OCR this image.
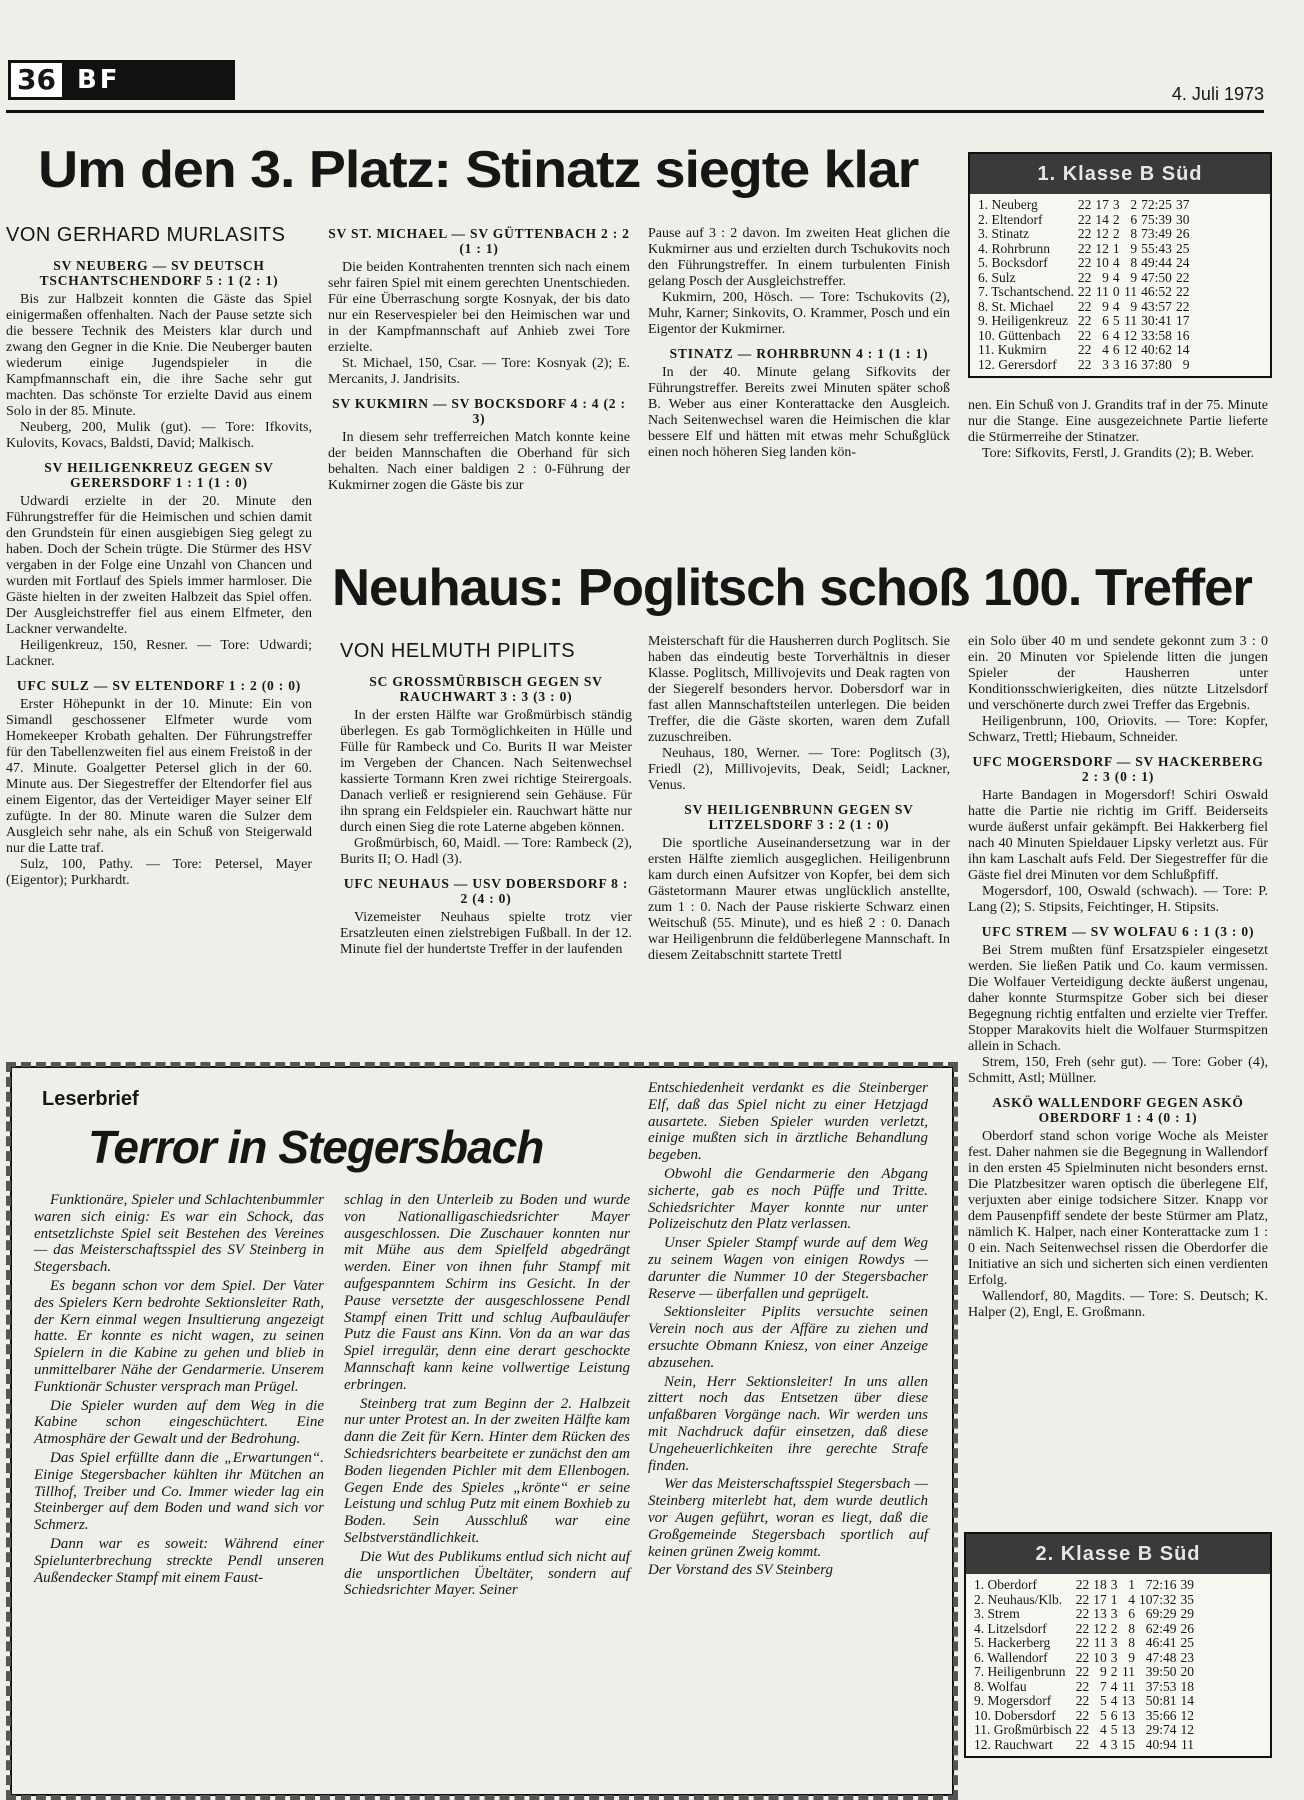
36 BF	4. Juli 1973
Um den 3. Platz: Stinatz siegte klar
VON GERHARD MURLASITS
SV NEUBERG — SV DEUTSCH TSCHANTSCHENDORF 5 : 1 (2 : 1)

Bis zur Halbzeit konnten die Gäste das Spiel einigermaßen offenhalten. Nach der Pause setzte sich die bessere Technik des Meisters klar durch und zwang den Gegner in die Knie. Die Neuberger bauten wiederum einige Jugendspieler in die Kampfmannschaft ein, die ihre Sache sehr gut machten. Das schönste Tor erzielte David aus einem Solo in der 85. Minute.

Neuberg, 200, Mulik (gut). — Tore: Ifkovits, Kulovits, Kovacs, Baldsti, David; Malkisch.

SV HEILIGENKREUZ GEGEN SV GERERSDORF 1 : 1 (1 : 0)

Udwardi erzielte in der 20. Minute den Führungstreffer für die Heimischen und schien damit den Grundstein für einen ausgiebigen Sieg gelegt zu haben. Doch der Schein trügte. Die Stürmer des HSV vergaben in der Folge eine Unzahl von Chancen und wurden mit Fortlauf des Spiels immer harmloser. Die Gäste hielten in der zweiten Halbzeit das Spiel offen. Der Ausgleichstreffer fiel aus einem Elfmeter, den Lackner verwandelte.

Heiligenkreuz, 150, Resner. — Tore: Udwardi; Lackner.

UFC SULZ — SV ELTENDORF 1 : 2 (0 : 0)

Erster Höhepunkt in der 10. Minute: Ein von Simandl geschossener Elfmeter wurde vom Homekeeper Krobath gehalten. Der Führungstreffer für den Tabellenzweiten fiel aus einem Freistoß in der 47. Minute. Goalgetter Petersel glich in der 60. Minute aus. Der Siegestreffer der Eltendorfer fiel aus einem Eigentor, das der Verteidiger Mayer seiner Elf zufügte. In der 80. Minute waren die Sulzer dem Ausgleich sehr nahe, als ein Schuß von Steigerwald nur die Latte traf.

Sulz, 100, Pathy. — Tore: Petersel, Mayer (Eigentor); Purkhardt.

SV ST. MICHAEL — SV GÜTTENBACH 2 : 2 (1 : 1)

Die beiden Kontrahenten trennten sich nach einem sehr fairen Spiel mit einem gerechten Unentschieden. Für eine Überraschung sorgte Kosnyak, der bis dato nur ein Reservespieler bei den Heimischen war und in der Kampfmannschaft auf Anhieb zwei Tore erzielte.

St. Michael, 150, Csar. — Tore: Kosnyak (2); E. Mercanits, J. Jandrisits.

SV KUKMIRN — SV BOCKSDORF 4 : 4 (2 : 3)

In diesem sehr trefferreichen Match konnte keine der beiden Mannschaften die Oberhand für sich behalten. Nach einer baldigen 2 : 0-Führung der Kukmirner zogen die Gäste bis zur

Pause auf 3 : 2 davon. Im zweiten Heat glichen die Kukmirner aus und erzielten durch Tschukovits noch den Führungstreffer. In einem turbulenten Finish gelang Posch der Ausgleichstreffer.

Kukmirn, 200, Hösch. — Tore: Tschukovits (2), Muhr, Karner; Sinkovits, O. Krammer, Posch und ein Eigentor der Kukmirner.

STINATZ — ROHRBRUNN 4 : 1 (1 : 1)

In der 40. Minute gelang Sifkovits der Führungstreffer. Bereits zwei Minuten später schoß B. Weber aus einer Konterattacke den Ausgleich. Nach Seitenwechsel waren die Heimischen die klar bessere Elf und hätten mit etwas mehr Schußglück einen noch höheren Sieg landen kön-

nen. Ein Schuß von J. Grandits traf in der 75. Minute nur die Stange. Eine ausgezeichnete Partie lieferte die Stürmerreihe der Stinatzer.

Tore: Sifkovits, Ferstl, J. Grandits (2); B. Weber.

1. Klasse B Süd
1. Neuberg	22	17	3	2	72:25	37
2. Eltendorf	22	14	2	6	75:39	30
3. Stinatz	22	12	2	8	73:49	26
4. Rohrbrunn	22	12	1	9	55:43	25
5. Bocksdorf	22	10	4	8	49:44	24
6. Sulz	22	9	4	9	47:50	22
7. Tschantschend.	22	11	0	11	46:52	22
8. St. Michael	22	9	4	9	43:57	22
9. Heiligenkreuz	22	6	5	11	30:41	17
10. Güttenbach	22	6	4	12	33:58	16
11. Kukmirn	22	4	6	12	40:62	14
12. Gerersdorf	22	3	3	16	37:80	9
Neuhaus: Poglitsch schoß 100. Treffer
VON HELMUTH PIPLITS
SC GROSSMÜRBISCH GEGEN SV RAUCHWART 3 : 3 (3 : 0)

In der ersten Hälfte war Großmürbisch ständig überlegen. Es gab Tormöglichkeiten in Hülle und Fülle für Rambeck und Co. Burits II war Meister im Vergeben der Chancen. Nach Seitenwechsel kassierte Tormann Kren zwei richtige Steirergoals. Danach verließ er resignierend sein Gehäuse. Für ihn sprang ein Feldspieler ein. Rauchwart hätte nur durch einen Sieg die rote Laterne abgeben können.

Großmürbisch, 60, Maidl. — Tore: Rambeck (2), Burits II; O. Hadl (3).

UFC NEUHAUS — USV DOBERSDORF 8 : 2 (4 : 0)

Vizemeister Neuhaus spielte trotz vier Ersatzleuten einen zielstrebigen Fußball. In der 12. Minute fiel der hundertste Treffer in der laufenden

Meisterschaft für die Hausherren durch Poglitsch. Sie haben das eindeutig beste Torverhältnis in dieser Klasse. Poglitsch, Millivojevits und Deak ragten von der Siegerelf besonders hervor. Dobersdorf war in fast allen Mannschaftsteilen unterlegen. Die beiden Treffer, die die Gäste skorten, waren dem Zufall zuzuschreiben.

Neuhaus, 180, Werner. — Tore: Poglitsch (3), Friedl (2), Millivojevits, Deak, Seidl; Lackner, Venus.

SV HEILIGENBRUNN GEGEN SV LITZELSDORF 3 : 2 (1 : 0)

Die sportliche Auseinandersetzung war in der ersten Hälfte ziemlich ausgeglichen. Heiligenbrunn kam durch einen Aufsitzer von Kopfer, bei dem sich Gästetormann Maurer etwas unglücklich anstellte, zum 1 : 0. Nach der Pause riskierte Schwarz einen Weitschuß (55. Minute), und es hieß 2 : 0. Danach war Heiligenbrunn die feldüberlegene Mannschaft. In diesem Zeitabschnitt startete Trettl

ein Solo über 40 m und sendete gekonnt zum 3 : 0 ein. 20 Minuten vor Spielende litten die jungen Spieler der Hausherren unter Konditionsschwierigkeiten, dies nützte Litzelsdorf und verschönerte durch zwei Treffer das Ergebnis.

Heiligenbrunn, 100, Oriovits. — Tore: Kopfer, Schwarz, Trettl; Hiebaum, Schneider.

UFC MOGERSDORF — SV HACKERBERG 2 : 3 (0 : 1)

Harte Bandagen in Mogersdorf! Schiri Oswald hatte die Partie nie richtig im Griff. Beiderseits wurde äußerst unfair gekämpft. Bei Hakkerberg fiel nach 40 Minuten Spieldauer Lipsky verletzt aus. Für ihn kam Laschalt aufs Feld. Der Siegestreffer für die Gäste fiel drei Minuten vor dem Schlußpfiff.

Mogersdorf, 100, Oswald (schwach). — Tore: P. Lang (2); S. Stipsits, Feichtinger, H. Stipsits.

UFC STREM — SV WOLFAU 6 : 1 (3 : 0)

Bei Strem mußten fünf Ersatzspieler eingesetzt werden. Sie ließen Patik und Co. kaum vermissen. Die Wolfauer Verteidigung deckte äußerst ungenau, daher konnte Sturmspitze Gober sich bei dieser Begegnung richtig entfalten und erzielte vier Treffer. Stopper Marakovits hielt die Wolfauer Sturmspitzen allein in Schach.

Strem, 150, Freh (sehr gut). — Tore: Gober (4), Schmitt, Astl; Müllner.

ASKÖ WALLENDORF GEGEN ASKÖ OBERDORF 1 : 4 (0 : 1)

Oberdorf stand schon vorige Woche als Meister fest. Daher nahmen sie die Begegnung in Wallendorf in den ersten 45 Spielminuten nicht besonders ernst. Die Platzbesitzer waren optisch die überlegene Elf, verjuxten aber einige todsichere Sitzer. Knapp vor dem Pausenpfiff sendete der beste Stürmer am Platz, nämlich K. Halper, nach einer Konterattacke zum 1 : 0 ein. Nach Seitenwechsel rissen die Oberdorfer die Initiative an sich und sicherten sich einen verdienten Erfolg.

Wallendorf, 80, Magdits. — Tore: S. Deutsch; K. Halper (2), Engl, E. Großmann.

Leserbrief
Terror in Stegersbach

Funktionäre, Spieler und Schlachtenbummler waren sich einig: Es war ein Schock, das entsetzlichste Spiel seit Bestehen des Vereines — das Meisterschaftsspiel des SV Steinberg in Stegersbach.

Es begann schon vor dem Spiel. Der Vater des Spielers Kern bedrohte Sektionsleiter Rath, der Kern einmal wegen Insultierung angezeigt hatte. Er konnte es nicht wagen, zu seinen Spielern in die Kabine zu gehen und blieb in unmittelbarer Nähe der Gendarmerie. Unserem Funktionär Schuster versprach man Prügel.

Die Spieler wurden auf dem Weg in die Kabine schon eingeschüchtert. Eine Atmosphäre der Gewalt und der Bedrohung.

Das Spiel erfüllte dann die „Erwartungen“. Einige Stegersbacher kühlten ihr Mütchen an Tillhof, Treiber und Co. Immer wieder lag ein Steinberger auf dem Boden und wand sich vor Schmerz.

Dann war es soweit: Während einer Spielunterbrechung streckte Pendl unseren Außendecker Stampf mit einem Faust-

schlag in den Unterleib zu Boden und wurde von Nationalligaschiedsrichter Mayer ausgeschlossen. Die Zuschauer konnten nur mit Mühe aus dem Spielfeld abgedrängt werden. Einer von ihnen fuhr Stampf mit aufgespanntem Schirm ins Gesicht. In der Pause versetzte der ausgeschlossene Pendl Stampf einen Tritt und schlug Aufbauläufer Putz die Faust ans Kinn. Von da an war das Spiel irregulär, denn eine derart geschockte Mannschaft kann keine vollwertige Leistung erbringen.

Steinberg trat zum Beginn der 2. Halbzeit nur unter Protest an. In der zweiten Hälfte kam dann die Zeit für Kern. Hinter dem Rücken des Schiedsrichters bearbeitete er zunächst den am Boden liegenden Pichler mit dem Ellenbogen. Gegen Ende des Spieles „krönte“ er seine Leistung und schlug Putz mit einem Boxhieb zu Boden. Sein Ausschluß war eine Selbstverständlichkeit.

Die Wut des Publikums entlud sich nicht auf die unsportlichen Übeltäter, sondern auf Schiedsrichter Mayer. Seiner

Entschiedenheit verdankt es die Steinberger Elf, daß das Spiel nicht zu einer Hetzjagd ausartete. Sieben Spieler wurden verletzt, einige mußten sich in ärztliche Behandlung begeben.

Obwohl die Gendarmerie den Abgang sicherte, gab es noch Püffe und Tritte. Schiedsrichter Mayer konnte nur unter Polizeischutz den Platz verlassen.

Unser Spieler Stampf wurde auf dem Weg zu seinem Wagen von einigen Rowdys — darunter die Nummer 10 der Stegersbacher Reserve — überfallen und geprügelt.

Sektionsleiter Piplits versuchte seinen Verein noch aus der Affäre zu ziehen und ersuchte Obmann Kniesz, von einer Anzeige abzusehen.

Nein, Herr Sektionsleiter! In uns allen zittert noch das Entsetzen über diese unfaßbaren Vorgänge nach. Wir werden uns mit Nachdruck dafür einsetzen, daß diese Ungeheuerlichkeiten ihre gerechte Strafe finden.

Wer das Meisterschaftsspiel Stegersbach — Steinberg miterlebt hat, dem wurde deutlich vor Augen geführt, woran es liegt, daß die Großgemeinde Stegersbach sportlich auf keinen grünen Zweig kommt.

Der Vorstand des SV Steinberg

2. Klasse B Süd
1. Oberdorf	22	18	3	1	72:16	39
2. Neuhaus/Klb.	22	17	1	4	107:32	35
3. Strem	22	13	3	6	69:29	29
4. Litzelsdorf	22	12	2	8	62:49	26
5. Hackerberg	22	11	3	8	46:41	25
6. Wallendorf	22	10	3	9	47:48	23
7. Heiligenbrunn	22	9	2	11	39:50	20
8. Wolfau	22	7	4	11	37:53	18
9. Mogersdorf	22	5	4	13	50:81	14
10. Dobersdorf	22	5	6	13	35:66	12
11. Großmürbisch	22	4	5	13	29:74	12
12. Rauchwart	22	4	3	15	40:94	11
